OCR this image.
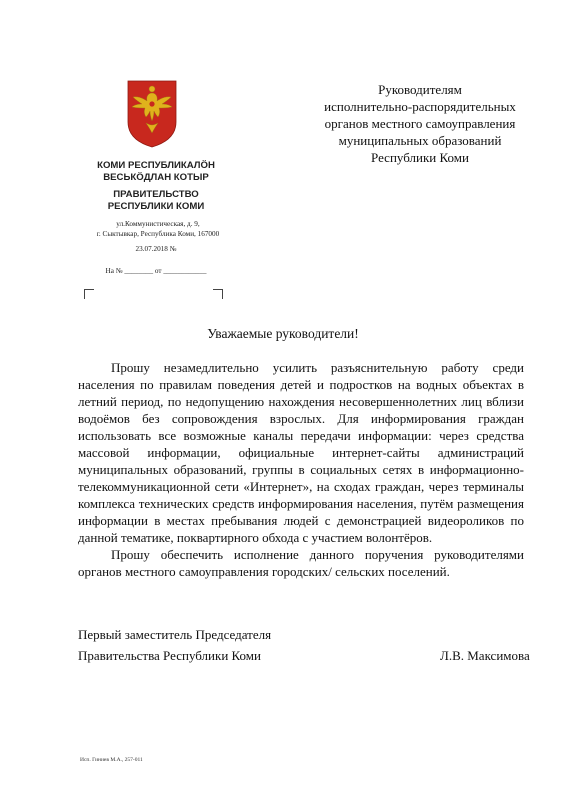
КОМИ РЕСПУБЛИКАЛÖН
ВЕСЬКÖДЛАН КОТЫР
ПРАВИТЕЛЬСТВО
РЕСПУБЛИКИ КОМИ
ул.Коммунистическая, д. 9,
г. Сыктывкар, Республика Коми, 167000
23.07.2018 №
На № ________ от ____________
Руководителям
исполнительно-распорядительных
органов местного самоуправления
муниципальных образований
Республики Коми
Уважаемые руководители!

Прошу незамедлительно усилить разъяснительную работу среди населения по правилам поведения детей и подростков на водных объектах в летний период, по недопущению нахождения несовершеннолетних лиц вблизи водоёмов без сопровождения взрослых. Для информирования граждан использовать все возможные каналы передачи информации: через средства массовой информации, официальные интернет-сайты администраций муниципальных образований, группы в социальных сетях в информационно-телекоммуникационной сети «Интернет», на сходах граждан, через терминалы комплекса технических средств информирования населения, путём размещения информации в местах пребывания людей с демонстрацией видеороликов по данной тематике, поквартирного обхода с участием волонтёров.

Прошу обеспечить исполнение данного поручения руководителями органов местного самоуправления городских/ сельских поселений.

Первый заместитель Председателя
Правительства Республики Коми	Л.В. Максимова
Исп. Гиниев М.А., 257-011
